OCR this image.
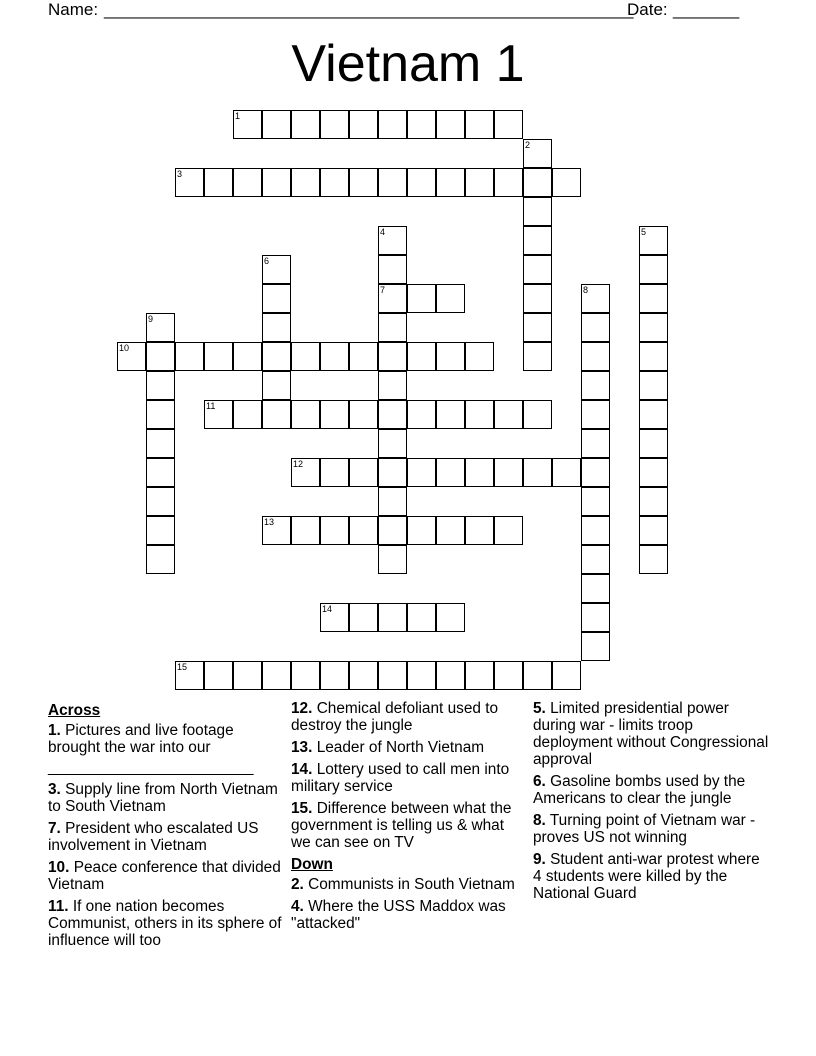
Name: ________________________________________________________
Date: _______
Vietnam 1
1
2
3
4	5
6
7	8
9
10
11
12
13
14
15
Across
1. Pictures and live footage brought the war into our
________________________
3. Supply line from North Vietnam to South Vietnam
7. President who escalated US involvement in Vietnam
10. Peace conference that divided Vietnam
11. If one nation becomes Communist, others in its sphere of influence will too
12. Chemical defoliant used to destroy the jungle
13. Leader of North Vietnam
14. Lottery used to call men into military service
15. Difference between what the government is telling us & what we can see on TV
Down
2. Communists in South Vietnam
4. Where the USS Maddox was "attacked"
5. Limited presidential power during war - limits troop deployment without Congressional approval
6. Gasoline bombs used by the Americans to clear the jungle
8. Turning point of Vietnam war - proves US not winning
9. Student anti-war protest where 4 students were killed by the National Guard
